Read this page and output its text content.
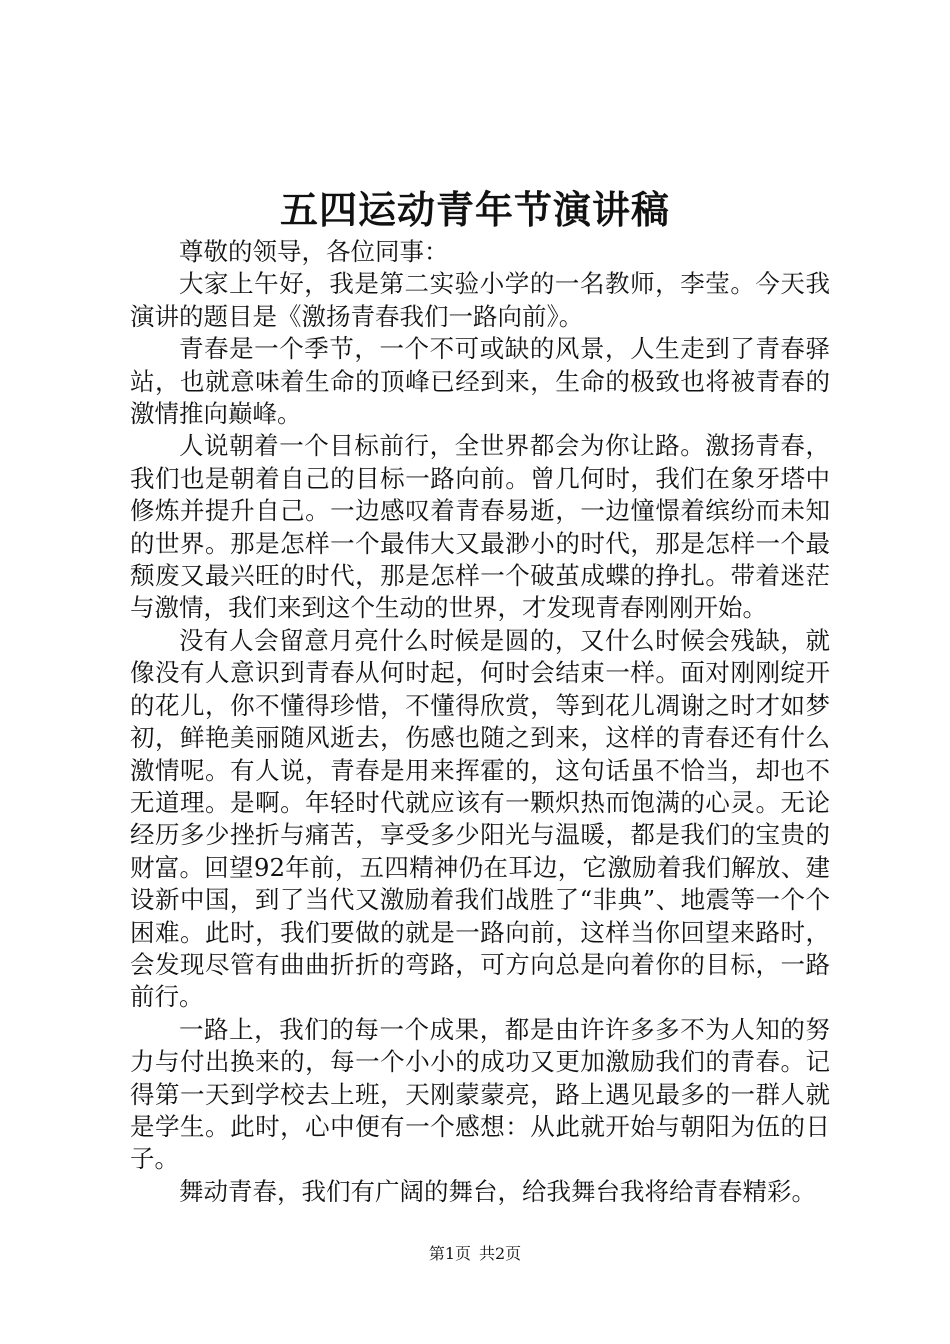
五四运动青年节演讲稿

尊敬的领导，各位同事：

大家上午好，我是第二实验小学的一名教师，李莹。今天我演讲的题目是《激扬青春我们一路向前》。

青春是一个季节，一个不可或缺的风景，人生走到了青春驿站，也就意味着生命的顶峰已经到来，生命的极致也将被青春的激情推向巅峰。

人说朝着一个目标前行，全世界都会为你让路。激扬青春，我们也是朝着自己的目标一路向前。曾几何时，我们在象牙塔中修炼并提升自己。一边感叹着青春易逝，一边憧憬着缤纷而未知的世界。那是怎样一个最伟大又最渺小的时代，那是怎样一个最颓废又最兴旺的时代，那是怎样一个破茧成蝶的挣扎。带着迷茫与激情，我们来到这个生动的世界，才发现青春刚刚开始。

没有人会留意月亮什么时候是圆的，又什么时候会残缺，就像没有人意识到青春从何时起，何时会结束一样。面对刚刚绽开的花儿，你不懂得珍惜，不懂得欣赏，等到花儿凋谢之时才如梦初，鲜艳美丽随风逝去，伤感也随之到来，这样的青春还有什么激情呢。有人说，青春是用来挥霍的，这句话虽不恰当，却也不无道理。是啊。年轻时代就应该有一颗炽热而饱满的心灵。无论经历多少挫折与痛苦，享受多少阳光与温暖，都是我们的宝贵的财富。回望92年前，五四精神仍在耳边，它激励着我们解放、建设新中国，到了当代又激励着我们战胜了“非典”、地震等一个个困难。此时，我们要做的就是一路向前，这样当你回望来路时，会发现尽管有曲曲折折的弯路，可方向总是向着你的目标，一路前行。

一路上，我们的每一个成果，都是由许许多多不为人知的努力与付出换来的，每一个小小的成功又更加激励我们的青春。记得第一天到学校去上班，天刚蒙蒙亮，路上遇见最多的一群人就是学生。此时，心中便有一个感想：从此就开始与朝阳为伍的日子。

舞动青春，我们有广阔的舞台，给我舞台我将给青春精彩。

第1页 共2页
